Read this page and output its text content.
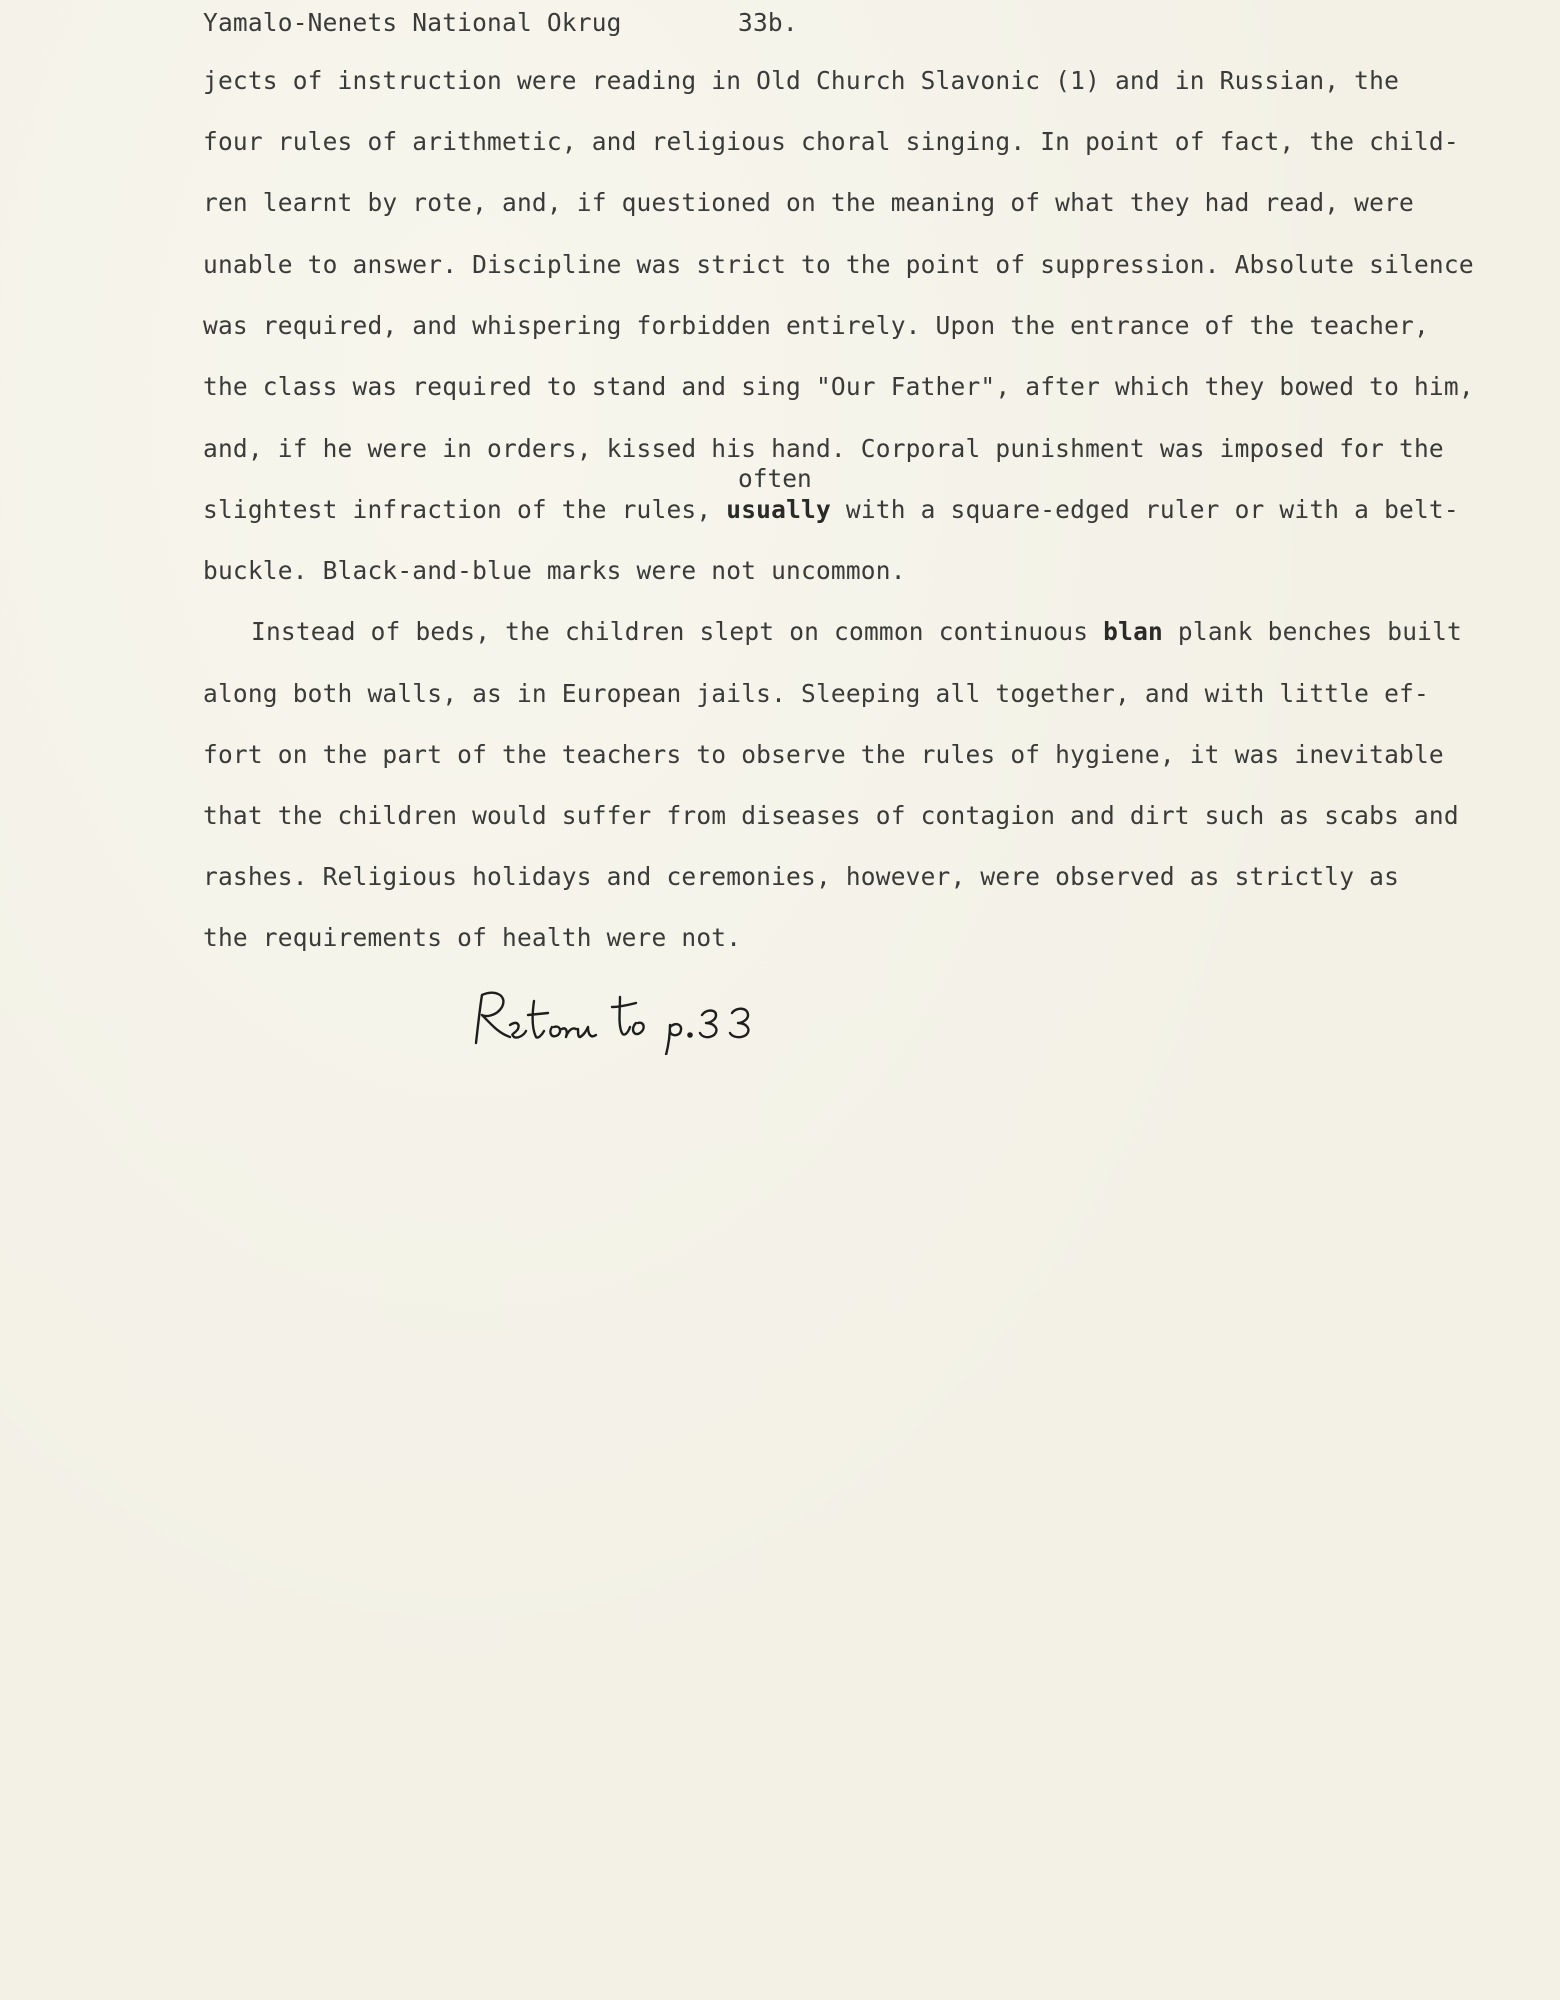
Yamalo-Nenets National Okrug	33b.
jects of instruction were reading in Old Church Slavonic (1) and in Russian, the
four rules of arithmetic, and religious choral singing. In point of fact, the child-
ren learnt by rote, and, if questioned on the meaning of what they had read, were
unable to answer. Discipline was strict to the point of suppression. Absolute silence
was required, and whispering forbidden entirely. Upon the entrance of the teacher,
the class was required to stand and sing "Our Father", after which they bowed to him,
and, if he were in orders, kissed his hand. Corporal punishment was imposed for the
often
slightest infraction of the rules, usually with a square-edged ruler or with a belt-
buckle. Black-and-blue marks were not uncommon.
Instead of beds, the children slept on common continuous blan plank benches built
along both walls, as in European jails. Sleeping all together, and with little ef-
fort on the part of the teachers to observe the rules of hygiene, it was inevitable
that the children would suffer from diseases of contagion and dirt such as scabs and
rashes. Religious holidays and ceremonies, however, were observed as strictly as
the requirements of health were not.
